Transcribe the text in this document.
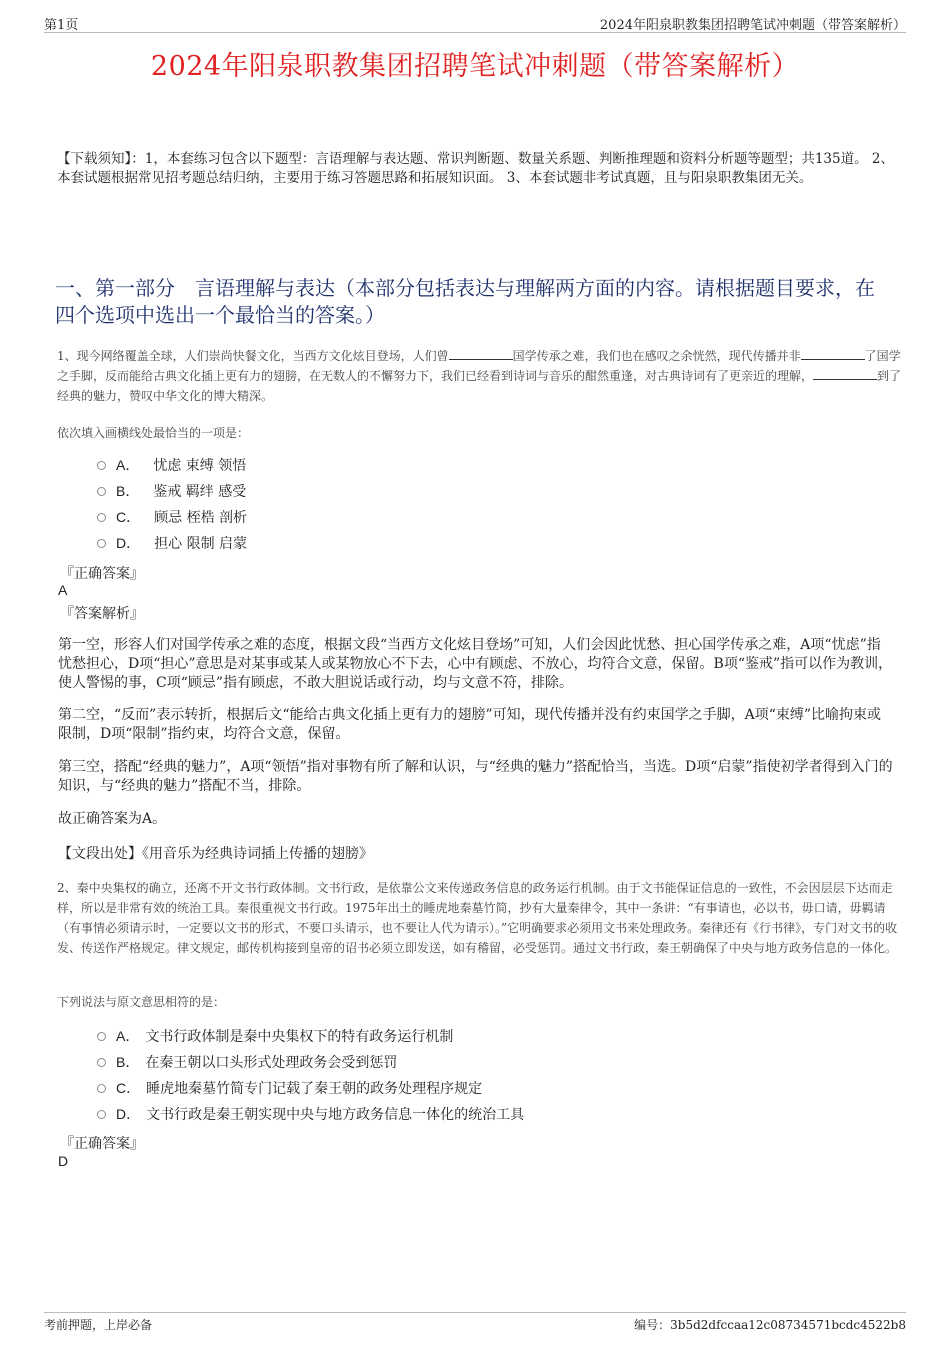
第1页	2024年阳泉职教集团招聘笔试冲刺题（带答案解析）
2024年阳泉职教集团招聘笔试冲刺题（带答案解析）
【下载须知】：1，本套练习包含以下题型：言语理解与表达题、常识判断题、数量关系题、判断推理题和资料分析题等题型；共135道。 2、本套试题根据常见招考题总结归纳，主要用于练习答题思路和拓展知识面。 3、本套试题非考试真题，且与阳泉职教集团无关。
一、第一部分　言语理解与表达（本部分包括表达与理解两方面的内容。请根据题目要求，在四个选项中选出一个最恰当的答案。）
1、现今网络覆盖全球，人们崇尚快餐文化，当西方文化炫目登场，人们曾	国学传承之难，我们也在感叹之余恍然，现代传播并非	了国学之手脚，反而能给古典文化插上更有力的翅膀，在无数人的不懈努力下，我们已经看到诗词与音乐的酣然重逢，对古典诗词有了更亲近的理解，	到了经典的魅力，赞叹中华文化的博大精深。
依次填入画横线处最恰当的一项是：
A． 忧虑 束缚 领悟
B． 鉴戒 羁绊 感受
C． 顾忌 桎梏 剖析
D． 担心 限制 启蒙
『正确答案』
A
『答案解析』
第一空，形容人们对国学传承之难的态度，根据文段“当西方文化炫目登场”可知，人们会因此忧愁、担心国学传承之难，A项“忧虑”指忧愁担心，D项“担心”意思是对某事或某人或某物放心不下去，心中有顾虑、不放心，均符合文意，保留。B项“鉴戒”指可以作为教训，使人警惕的事，C项“顾忌”指有顾虑，不敢大胆说话或行动，均与文意不符，排除。
第二空，“反而”表示转折，根据后文“能给古典文化插上更有力的翅膀”可知，现代传播并没有约束国学之手脚，A项“束缚”比喻拘束或限制，D项“限制”指约束，均符合文意，保留。
第三空，搭配“经典的魅力”，A项“领悟”指对事物有所了解和认识，与“经典的魅力”搭配恰当，当选。D项“启蒙”指使初学者得到入门的知识，与“经典的魅力”搭配不当，排除。
故正确答案为A。
【文段出处】《用音乐为经典诗词插上传播的翅膀》
2、秦中央集权的确立，还离不开文书行政体制。文书行政，是依靠公文来传递政务信息的政务运行机制。由于文书能保证信息的一致性，不会因层层下达而走样，所以是非常有效的统治工具。秦很重视文书行政。1975年出土的睡虎地秦墓竹简，抄有大量秦律令，其中一条讲：“有事请也，必以书，毋口请，毋羁请（有事情必须请示时，一定要以文书的形式，不要口头请示，也不要让人代为请示）。”它明确要求必须用文书来处理政务。秦律还有《行书律》，专门对文书的收发、传送作严格规定。律文规定，邮传机构接到皇帝的诏书必须立即发送，如有稽留，必受惩罚。通过文书行政，秦王朝确保了中央与地方政务信息的一体化。
下列说法与原文意思相符的是：
A． 文书行政体制是秦中央集权下的特有政务运行机制
B． 在秦王朝以口头形式处理政务会受到惩罚
C． 睡虎地秦墓竹简专门记载了秦王朝的政务处理程序规定
D． 文书行政是秦王朝实现中央与地方政务信息一体化的统治工具
『正确答案』
D
考前押题，上岸必备	编号：3b5d2dfccaa12c08734571bcdc4522b8
